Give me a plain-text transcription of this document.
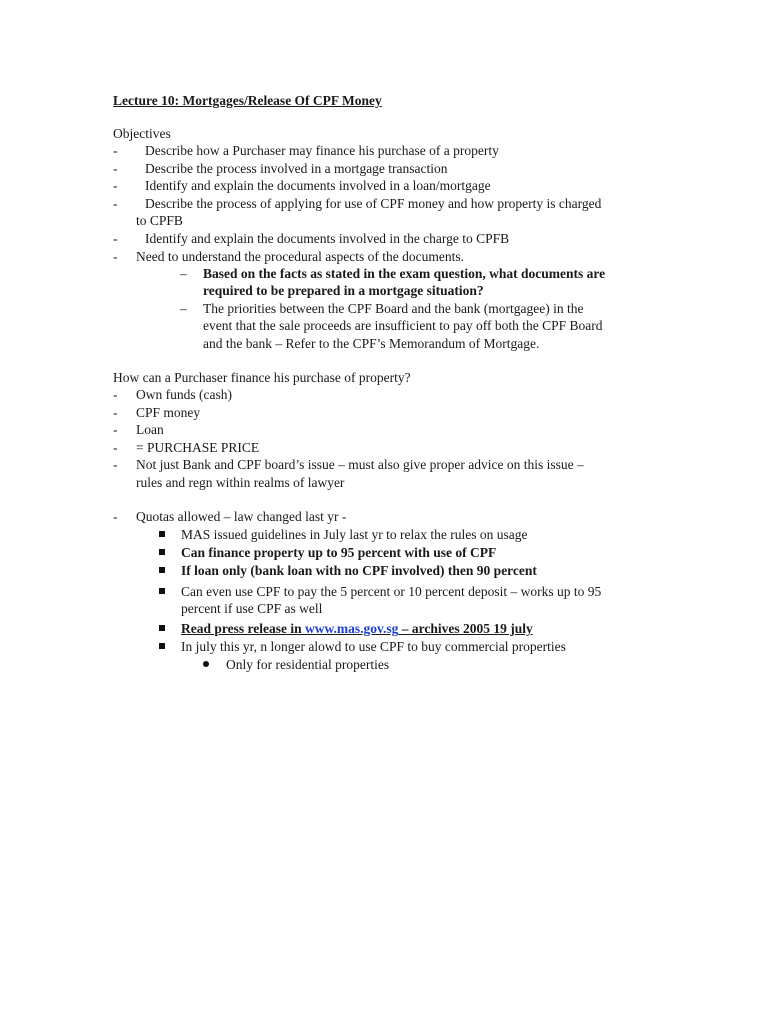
Lecture 10: Mortgages/Release Of CPF Money
Objectives
- Describe how a Purchaser may finance his purchase of a property
- Describe the process involved in a mortgage transaction
- Identify and explain the documents involved in a loan/mortgage
- Describe the process of applying for use of CPF money and how property is charged
to CPFB
- Identify and explain the documents involved in the charge to CPFB
- Need to understand the procedural aspects of the documents.
– Based on the facts as stated in the exam question, what documents are
required to be prepared in a mortgage situation?
– The priorities between the CPF Board and the bank (mortgagee) in the
event that the sale proceeds are insufficient to pay off both the CPF Board
and the bank – Refer to the CPF’s Memorandum of Mortgage.
How can a Purchaser finance his purchase of property?
- Own funds (cash)
- CPF money
- Loan
- = PURCHASE PRICE
- Not just Bank and CPF board’s issue – must also give proper advice on this issue –
rules and regn within realms of lawyer
- Quotas allowed – law changed last yr -
MAS issued guidelines in July last yr to relax the rules on usage
Can finance property up to 95 percent with use of CPF
If loan only (bank loan with no CPF involved) then 90 percent
Can even use CPF to pay the 5 percent or 10 percent deposit – works up to 95
percent if use CPF as well
Read press release in www.mas.gov.sg – archives 2005 19 july
In july this yr, n longer alowd to use CPF to buy commercial properties
Only for residential properties
